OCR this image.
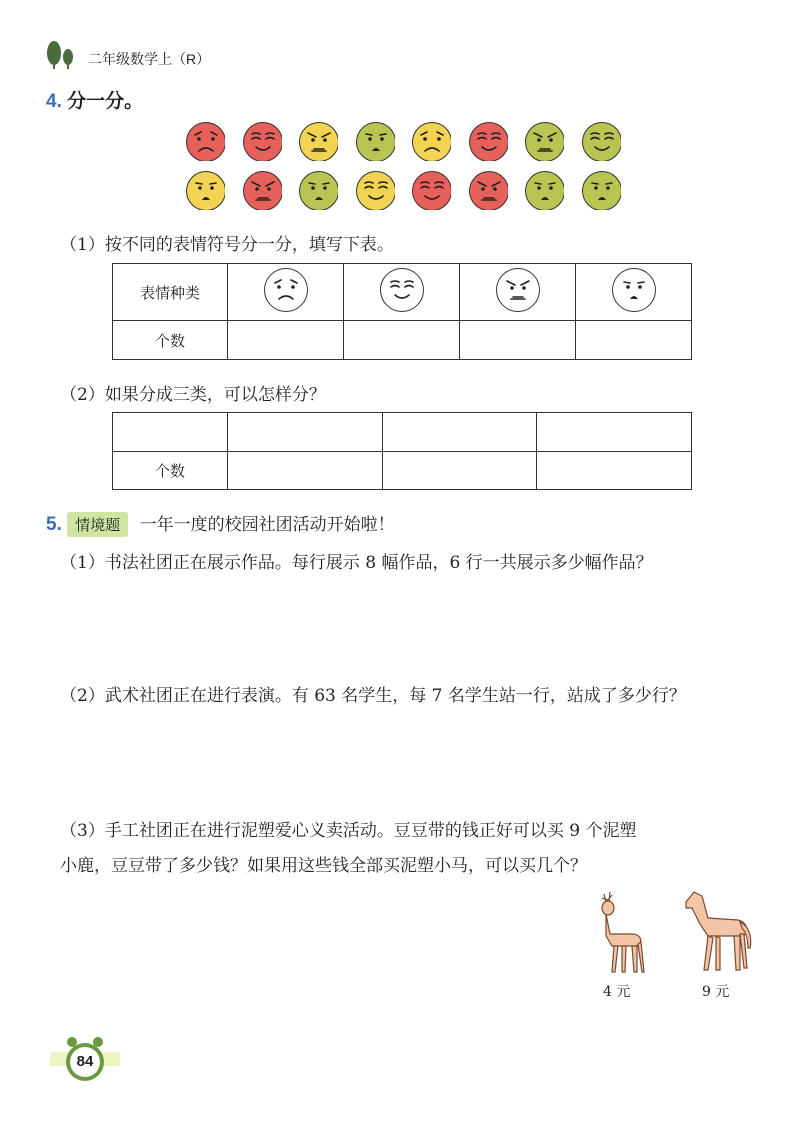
二年级数学上（R）
4. 分一分。
（1）按不同的表情符号分一分，填写下表。
表情种类				
个数				
（2）如果分成三类，可以怎样分？

个数			
5. 情境题 一年一度的校园社团活动开始啦！
（1）书法社团正在展示作品。每行展示 8 幅作品，6 行一共展示多少幅作品？
（2）武术社团正在进行表演。有 63 名学生，每 7 名学生站一行，站成了多少行？
（3）手工社团正在进行泥塑爱心义卖活动。豆豆带的钱正好可以买 9 个泥塑
小鹿，豆豆带了多少钱？如果用这些钱全部买泥塑小马，可以买几个？
4 元	9 元
84
